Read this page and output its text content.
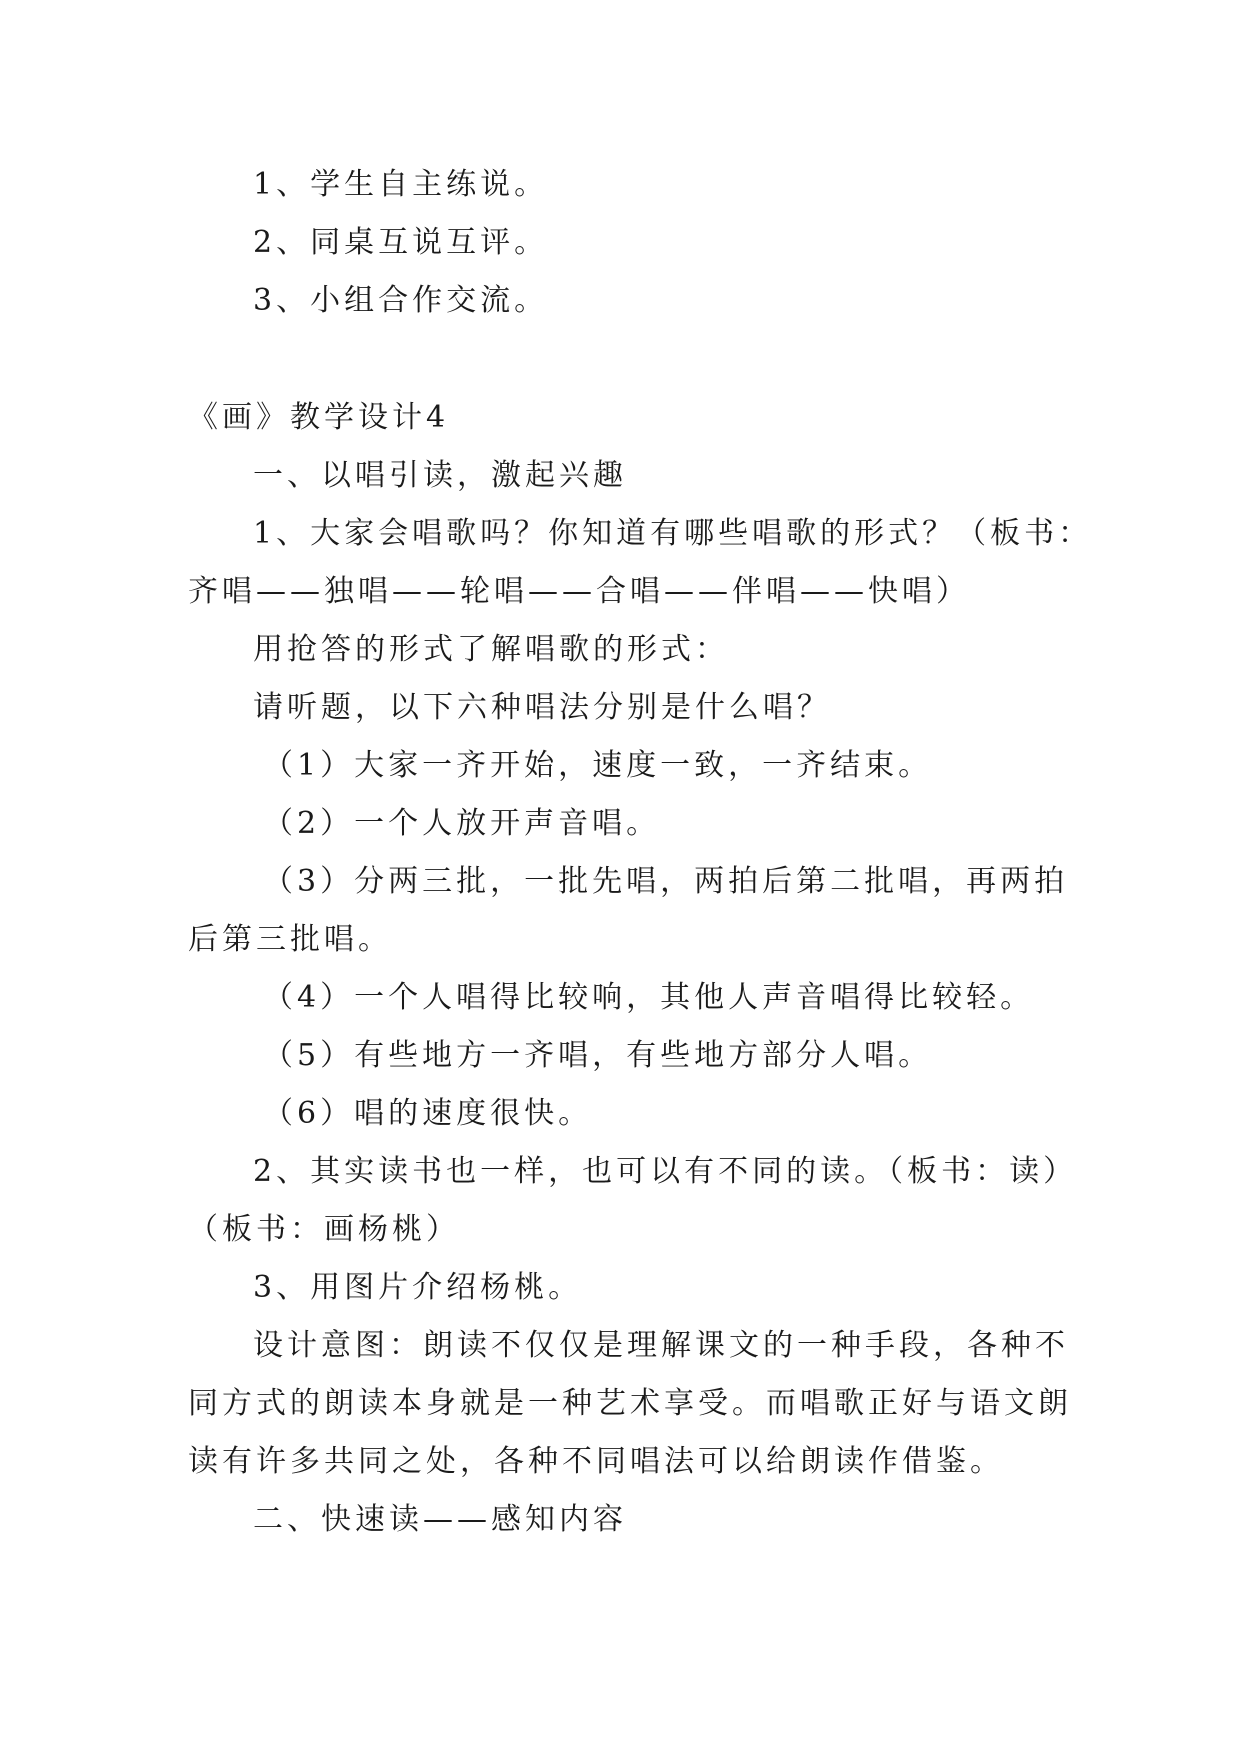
1、学生自主练说。
2、同桌互说互评。
3、小组合作交流。
《画》教学设计4
一、以唱引读，激起兴趣
1、大家会唱歌吗？你知道有哪些唱歌的形式？（板书：
齐唱——独唱——轮唱——合唱——伴唱——快唱）
用抢答的形式了解唱歌的形式：
请听题，以下六种唱法分别是什么唱？
（1）大家一齐开始，速度一致，一齐结束。
（2）一个人放开声音唱。
（3）分两三批，一批先唱，两拍后第二批唱，再两拍
后第三批唱。
（4）一个人唱得比较响，其他人声音唱得比较轻。
（5）有些地方一齐唱，有些地方部分人唱。
（6）唱的速度很快。
2、其实读书也一样，也可以有不同的读。（板书：读）
（板书：画杨桃）
3、用图片介绍杨桃。
设计意图：朗读不仅仅是理解课文的一种手段，各种不
同方式的朗读本身就是一种艺术享受。而唱歌正好与语文朗
读有许多共同之处，各种不同唱法可以给朗读作借鉴。
二、快速读——感知内容
